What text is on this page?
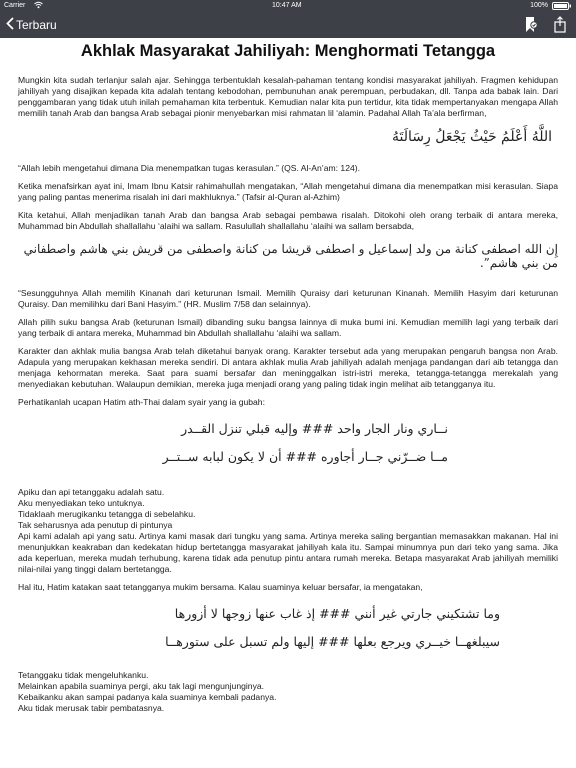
Carrier	10:47 AM	100%
Terbaru
Akhlak Masyarakat Jahiliyah: Menghormati Tetangga

Mungkin kita sudah terlanjur salah ajar. Sehingga terbentuklah kesalah-pahaman tentang kondisi masyarakat jahiliyah. Fragmen kehidupan jahiliyah yang disajikan kepada kita adalah tentang kebodohan, pembunuhan anak perempuan, perbudakan, dll. Tanpa ada babak lain. Dari penggambaran yang tidak utuh inilah pemahaman kita terbentuk. Kemudian nalar kita pun tertidur, kita tidak mempertanyakan mengapa Allah memilih tanah Arab dan bangsa Arab sebagai pionir menyebarkan misi rahmatan lil ‘alamin. Padahal Allah Ta’ala berfirman,

اللَّهُ أَعْلَمُ حَيْثُ يَجْعَلُ رِسَالَتَهُ

“Allah lebih mengetahui dimana Dia menempatkan tugas kerasulan.” (QS. Al-An’am: 124).

Ketika menafsirkan ayat ini, Imam Ibnu Katsir rahimahullah mengatakan, “Allah mengetahui dimana dia menempatkan misi kerasulan. Siapa yang paling pantas menerima risalah ini dari makhluknya.” (Tafsir al-Quran al-Azhim)

Kita ketahui, Allah menjadikan tanah Arab dan bangsa Arab sebagai pembawa risalah. Ditokohi oleh orang terbaik di antara mereka, Muhammad bin Abdullah shallallahu ‘alaihi wa sallam. Rasulullah shallallahu ‘alaihi wa sallam bersabda,

إِن الله اصطفى كنانة من ولد إسماعيل و اصطفى قريشا من كنانة واصطفى من قريش بني هاشم واصطفاني من بني هاشم”.

“Sesungguhnya Allah memilih Kinanah dari keturunan Ismail. Memilih Quraisy dari keturunan Kinanah. Memilih Hasyim dari keturunan Quraisy. Dan memilihku dari Bani Hasyim.” (HR. Muslim 7/58 dan selainnya).

Allah pilih suku bangsa Arab (keturunan Ismail) dibanding suku bangsa lainnya di muka bumi ini. Kemudian memilih lagi yang terbaik dari yang terbaik di antara mereka, Muhammad bin Abdullah shallallahu ‘alaihi wa sallam.

Karakter dan akhlak mulia bangsa Arab telah diketahui banyak orang. Karakter tersebut ada yang merupakan pengaruh bangsa non Arab. Adapula yang merupakan kekhasan mereka sendiri. Di antara akhlak mulia Arab jahiliyah adalah menjaga pandangan dari aib tetangga dan menjaga kehormatan mereka. Saat para suami bersafar dan meninggalkan istri-istri mereka, tetangga-tetangga merekalah yang menyediakan kebutuhan. Walaupun demikian, mereka juga menjadi orang yang paling tidak ingin melihat aib tetangganya itu.

Perhatikanlah ucapan Hatim ath-Thai dalam syair yang ia gubah:

نــاري ونار الجار واحد ### وإليه قبلي تنزل القــدر
مــا ضــرّني جــار أجاوره ### أن لا يكون لبابه ســتــر
Apiku dan api tetanggaku adalah satu.
Aku menyediakan teko untuknya.
Tidaklaah merugikanku tetangga di sebelahku.
Tak seharusnya ada penutup di pintunya

Api kami adalah api yang satu. Artinya kami masak dari tungku yang sama. Artinya mereka saling bergantian memasakkan makanan. Hal ini menunjukkan keakraban dan kedekatan hidup bertetangga masyarakat jahiliyah kala itu. Sampai minumnya pun dari teko yang sama. Jika ada keperluan, mereka mudah terhubung, karena tidak ada penutup pintu antara rumah mereka. Betapa masyarakat Arab jahiliyah memiliki nilai-nilai yang tinggi dalam bertetangga.

Hal itu, Hatim katakan saat tetangganya mukim bersama. Kalau suaminya keluar bersafar, ia mengatakan,

وما تشتكيني جارتي غير أنني ### إذ غاب عنها زوجها لا أزورها
سيبلغهــا خيــري ويرجع بعلها ### إليها ولم تسبل على ستورهــا
Tetanggaku tidak mengeluhkanku.
Melainkan apabila suaminya pergi, aku tak lagi mengunjunginya.
Kebaikanku akan sampai padanya kala suaminya kembali padanya.
Aku tidak merusak tabir pembatasnya.
